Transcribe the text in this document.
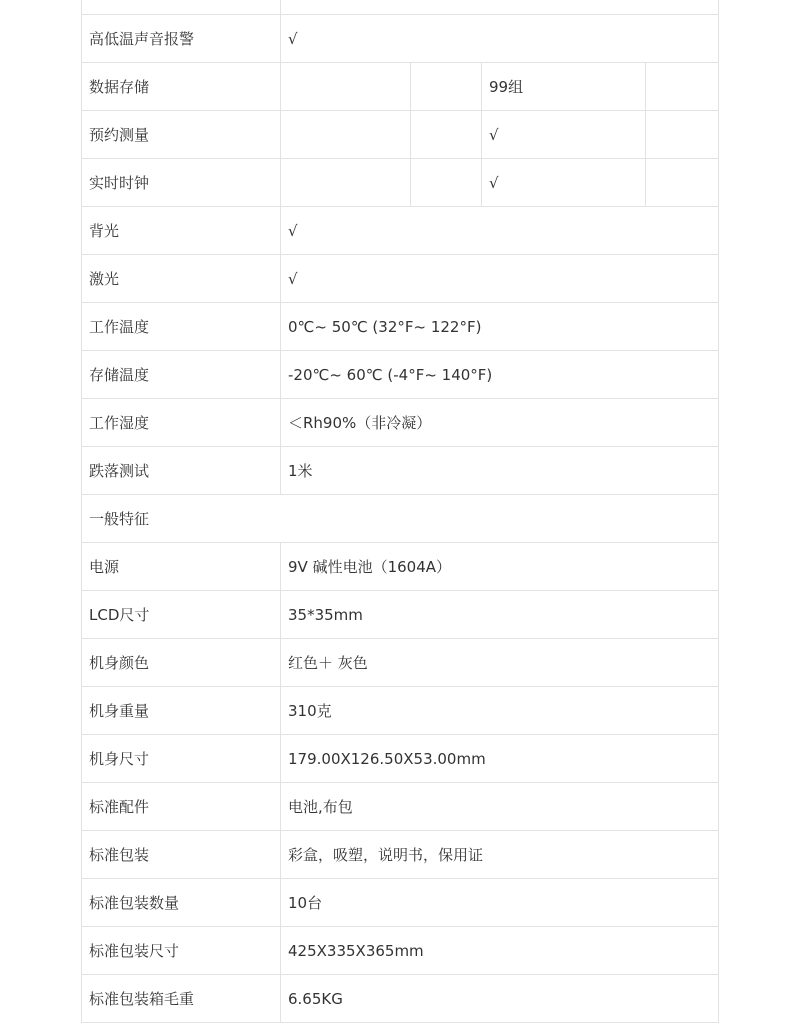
高低温声音报警	√			
数据存储			99组	
预约测量			√	
实时时钟			√	
背光	√			
激光	√			
工作温度	0℃~ 50℃ (32°F~ 122°F)			
存储温度	-20℃~ 60℃ (-4°F~ 140°F)			
工作湿度	＜Rh90%（非冷凝）			
跌落测试	1米			
一般特征				
电源	9V 碱性电池（1604A）			
LCD尺寸	35*35mm			
机身颜色	红色＋ 灰色			
机身重量	310克			
机身尺寸	179.00X126.50X53.00mm			
标准配件	电池,布包			
标准包装	彩盒，吸塑，说明书，保用证			
标准包装数量	10台			
标准包装尺寸	425X335X365mm			
标准包装箱毛重	6.65KG			
